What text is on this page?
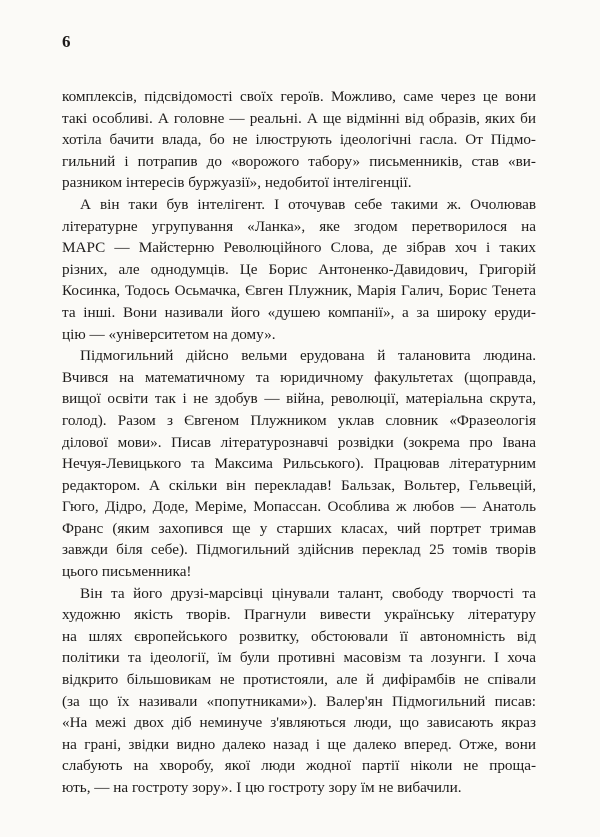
6
комплексів, підсвідомості своїх героїв. Можливо, саме через це вони
такі особливі. А головне — реальні. А ще відмінні від образів, яких би
хотіла бачити влада, бо не ілюструють ідеологічні гасла. От Підмо-
гильний і потрапив до «ворожого табору» письменників, став «ви-
разником інтересів буржуазії», недобитої інтелігенції.
А він таки був інтелігент. І оточував себе такими ж. Очолював
літературне угрупування «Ланка», яке згодом перетворилося на
МАРС — Майстерню Революційного Слова, де зібрав хоч і таких
різних, але однодумців. Це Борис Антоненко-Давидович, Григорій
Косинка, Тодось Осьмачка, Євген Плужник, Марія Галич, Борис Тенета
та інші. Вони називали його «душею компанії», а за широку еруди-
цію — «університетом на дому».
Підмогильний дійсно вельми ерудована й талановита людина.
Вчився на математичному та юридичному факультетах (щоправда,
вищої освіти так і не здобув — війна, революції, матеріальна скрута,
голод). Разом з Євгеном Плужником уклав словник «Фразеологія
ділової мови». Писав літературознавчі розвідки (зокрема про Івана
Нечуя-Левицького та Максима Рильського). Працював літературним
редактором. А скільки він перекладав! Бальзак, Вольтер, Гельвецій,
Гюго, Дідро, Доде, Меріме, Мопассан. Особлива ж любов — Анатоль
Франс (яким захопився ще у старших класах, чий портрет тримав
завжди біля себе). Підмогильний здійснив переклад 25 томів творів
цього письменника!
Він та його друзі-марсівці цінували талант, свободу творчості та
художню якість творів. Прагнули вивести українську літературу
на шлях європейського розвитку, обстоювали її автономність від
політики та ідеології, їм були противні масовізм та лозунги. І хоча
відкрито більшовикам не протистояли, але й дифірамбів не співали
(за що їх називали «попутниками»). Валер'ян Підмогильний писав:
«На межі двох діб неминуче з'являються люди, що зависають якраз
на грані, звідки видно далеко назад і ще далеко вперед. Отже, вони
слабують на хворобу, якої люди жодної партії ніколи не проща-
ють, — на гостроту зору». І цю гостроту зору їм не вибачили.
